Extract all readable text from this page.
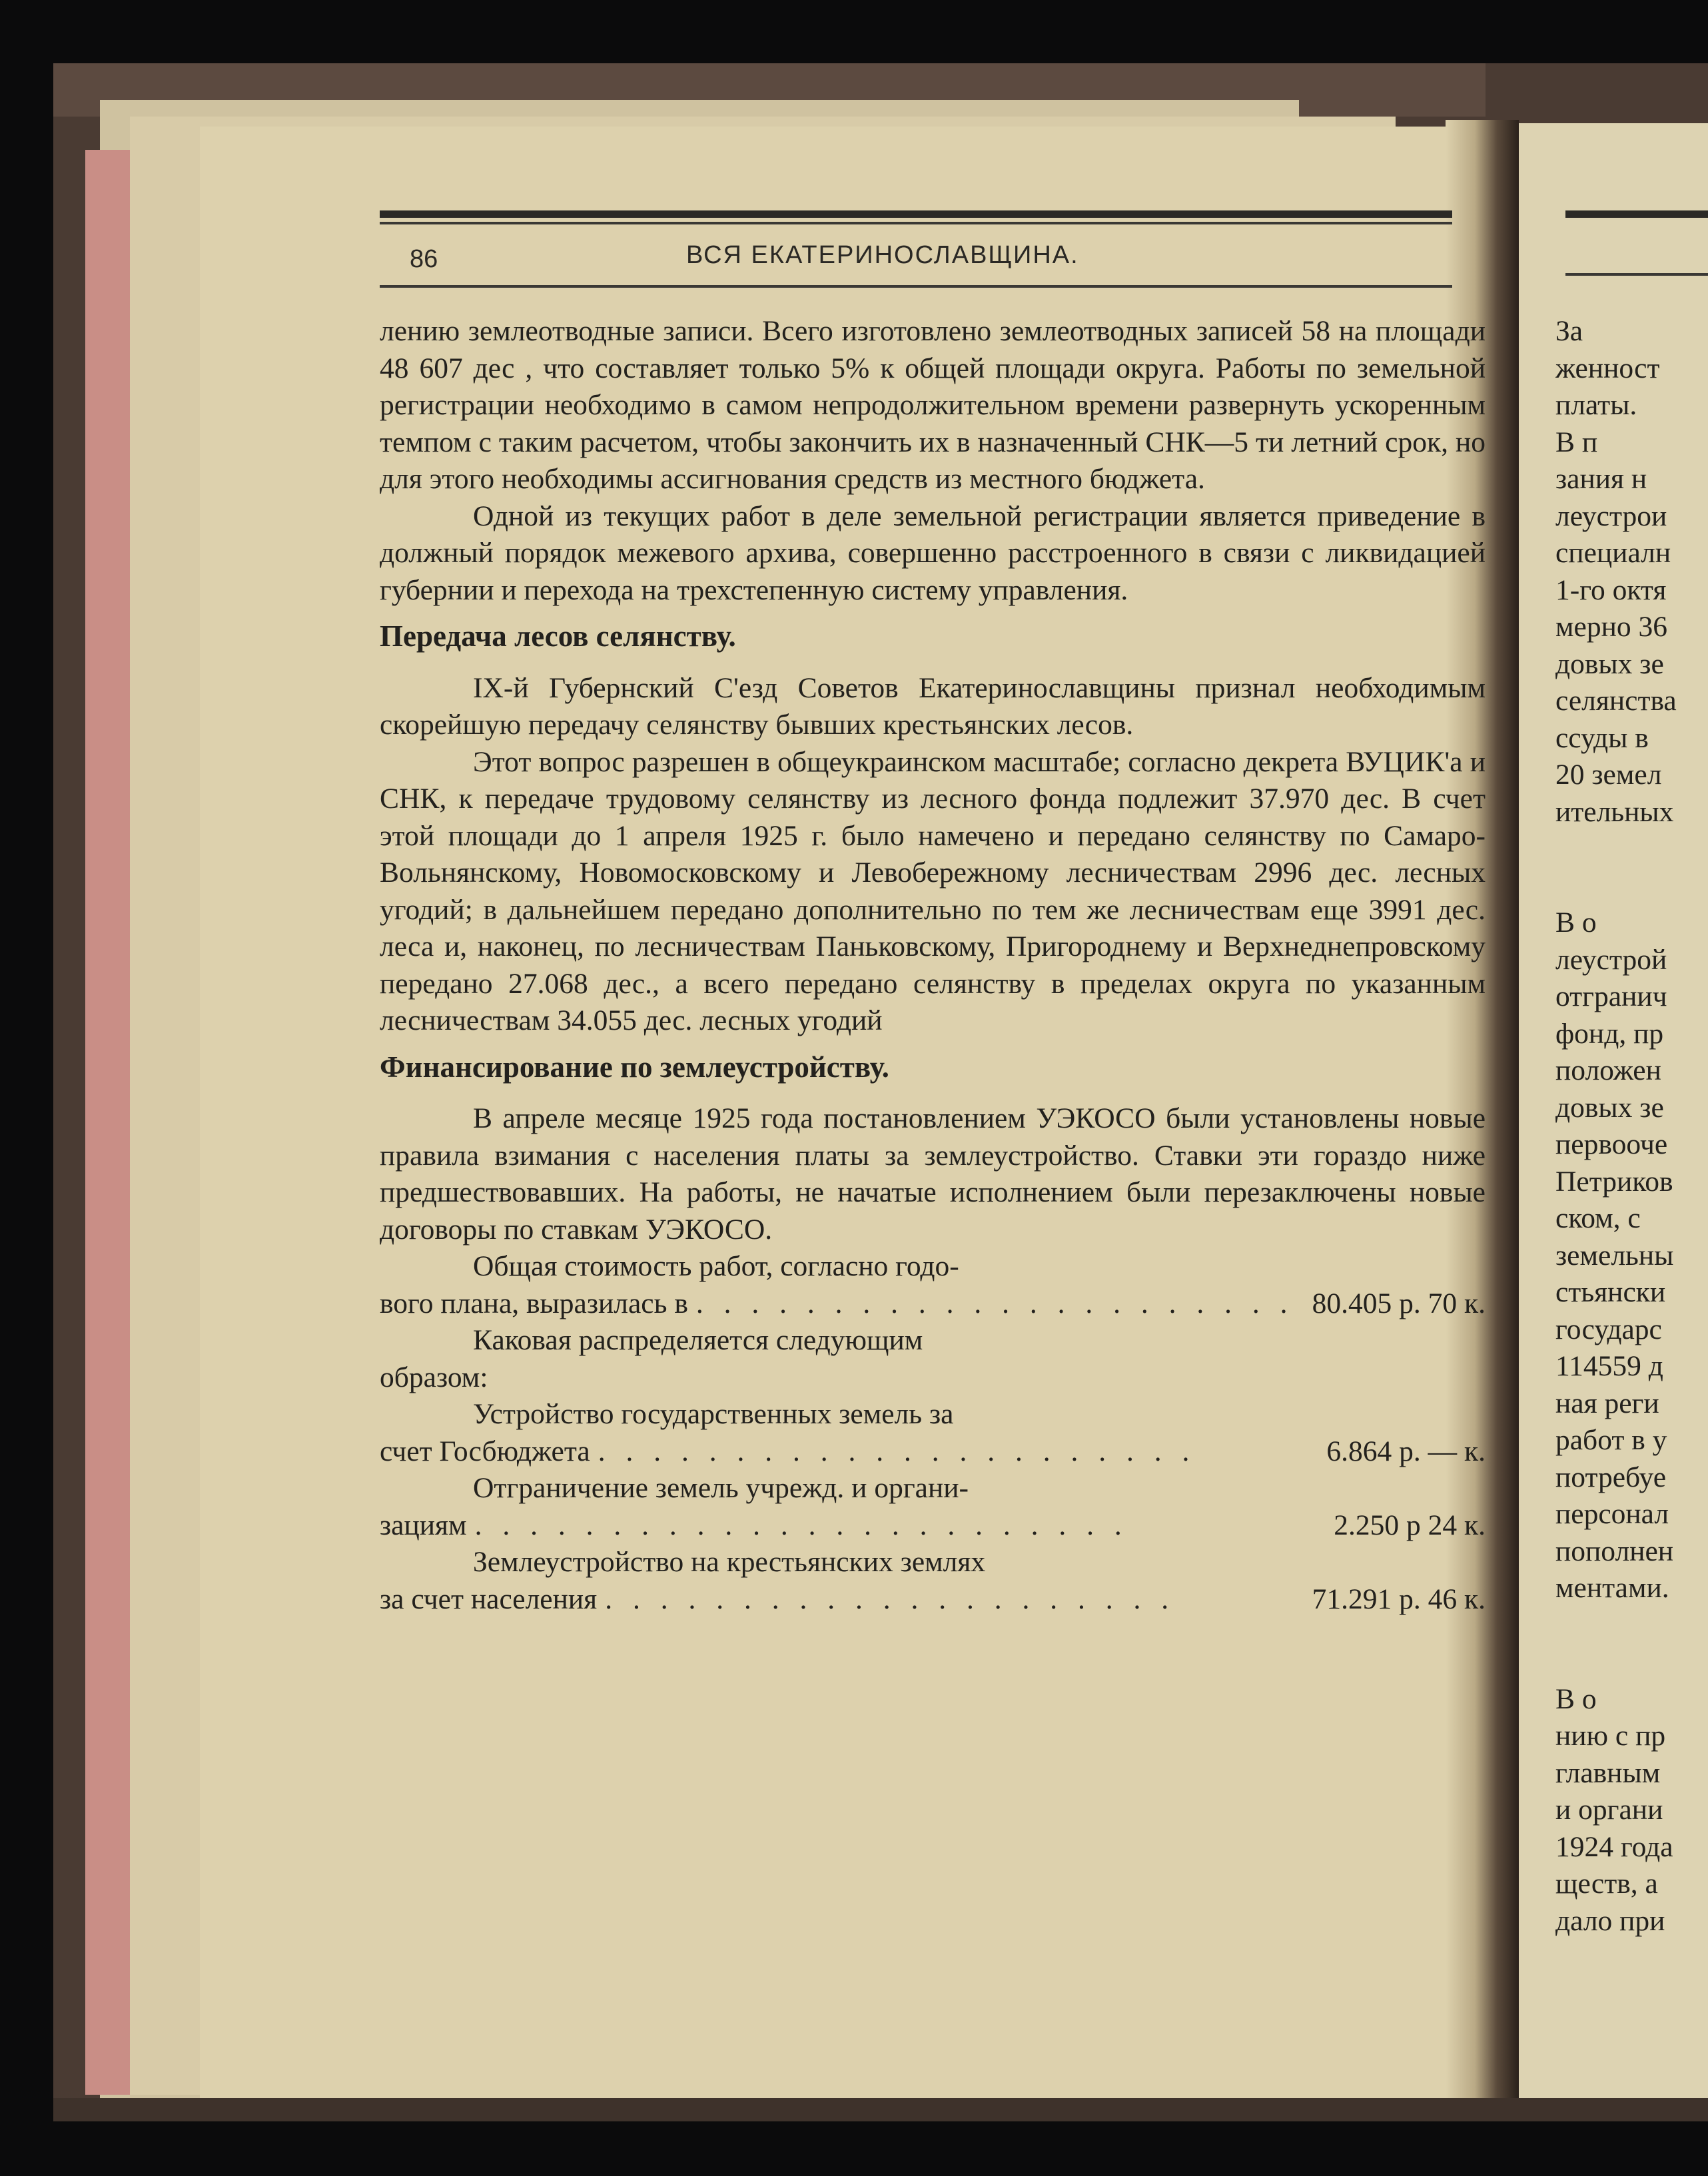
86	ВСЯ ЕКАТЕРИНОСЛАВЩИНА.

лению землеотводные записи. Всего изготовлено землеотводных записей 58 на площади 48 607 дес , что составляет только 5% к общей площади округа. Работы по земельной регистрации необходимо в самом непродолжительном времени развернуть ускоренным темпом с таким расчетом, чтобы закончить их в назначенный СНК—5 ти летний срок, но для этого необходимы ассигнования средств из местного бюджета.

Одной из текущих работ в деле земельной регистрации является приведение в должный порядок межевого архива, совершенно расстроенного в связи с ликвидацией губернии и перехода на трехстепенную систему управления.

Передача лесов селянству.

IX-й Губернский С'езд Советов Екатеринославщины признал необходимым скорейшую передачу селянству бывших крестьянских лесов.

Этот вопрос разрешен в общеукраинском масштабе; согласно декрета ВУЦИК'а и СНК, к передаче трудовому селянству из лесного фонда подлежит 37.970 дес. В счет этой площади до 1 апреля 1925 г. было намечено и передано селянству по Самаро-Вольнянскому, Новомосковскому и Левобережному лесничествам 2996 дес. лесных угодий; в дальнейшем передано дополнительно по тем же лесничествам еще 3991 дес. леса и, наконец, по лесничествам Паньковскому, Пригороднему и Верхнеднепровскому передано 27.068 дес., а всего передано селянству в пределах округа по указанным лесничествам 34.055 дес. лесных угодий

Финансирование по землеустройству.

В апреле месяце 1925 года постановлением УЭКОСО были установлены новые правила взимания с населения платы за землеустройство. Ставки эти гораздо ниже предшествовавших. На работы, не начатые исполнением были перезаключены новые договоры по ставкам УЭКОСО.

Общая стоимость работ, согласно годо-

вого плана, выразилась в . . . . . . . . . . . . . . . . . . . . . . 80.405 р. 70 к.

Каковая распределяется следующим

образом:

Устройство государственных земель за

счет Госбюджета . . . . . . . . . . . . . . . . . . . . . .	6.864 р. — к.

Отграничение земель учрежд. и органи-

зациям . . . . . . . . . . . . . . . . . . . . . . . .	2.250 р 24 к.

Землеустройство на крестьянских землях

за счет населения . . . . . . . . . . . . . . . . . . . . .	71.291 р. 46 к.
За
женност
платы.
В п
зания н
леустрои
специалн
1-го октя
мерно 36
довых зе
селянства
ссуды в
20 земел
ительных
В о
леустрой
отгранич
фонд, пр
положен
довых зе
первооче
Петриков
ском, с
земельны
стьянски
государс
114559 д
ная реги
работ в у
потребуе
персонал
пополнен
ментами.
В о
нию с пр
главным
и органи
1924 года
ществ, а
дало при
